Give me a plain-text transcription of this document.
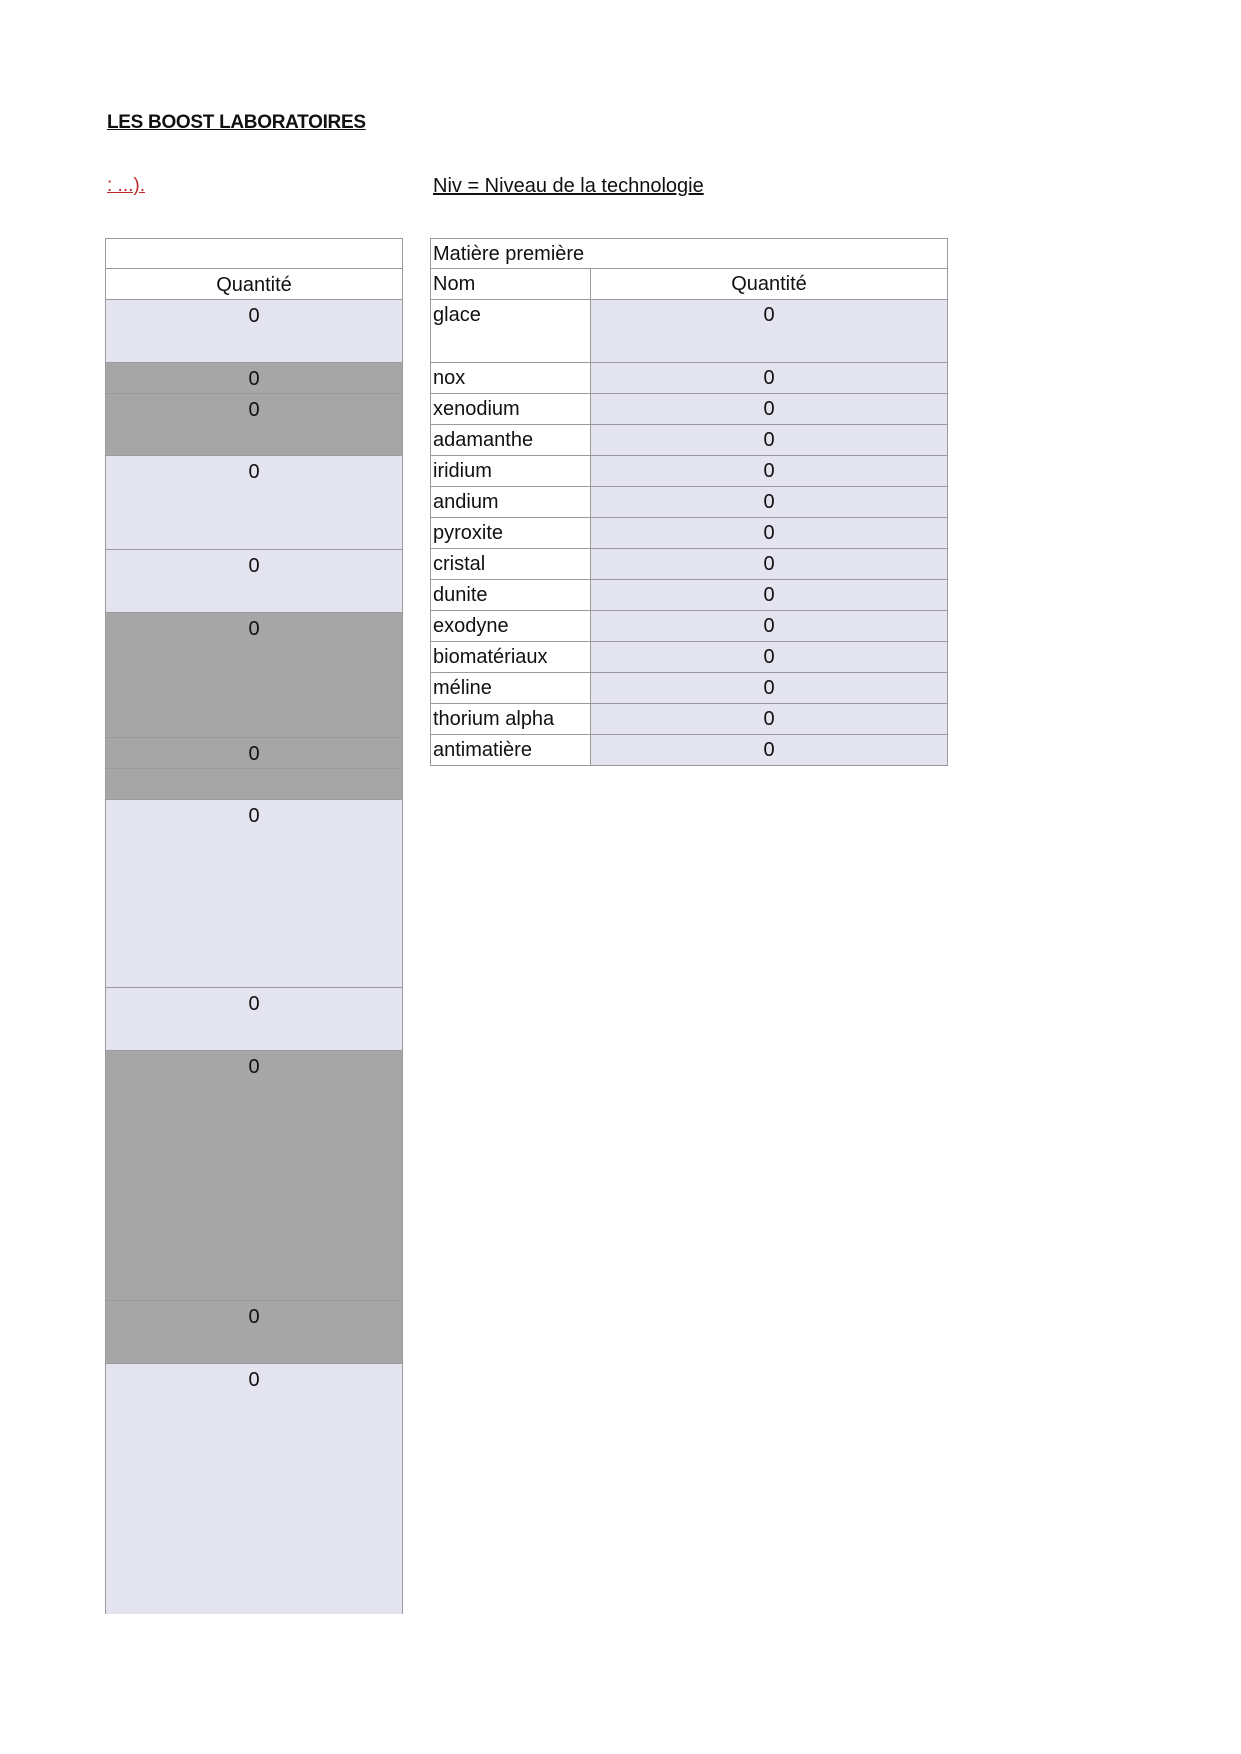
LES BOOST LABORATOIRES
: ...).	Niv = Niveau de la technologie
Quantité
0
0
0
0
0
0
0
0
0
0
0
0
Matière première
Nom	Quantité
glace	0
nox	0
xenodium	0
adamanthe	0
iridium	0
andium	0
pyroxite	0
cristal	0
dunite	0
exodyne	0
biomatériaux	0
méline	0
thorium alpha	0
antimatière	0
